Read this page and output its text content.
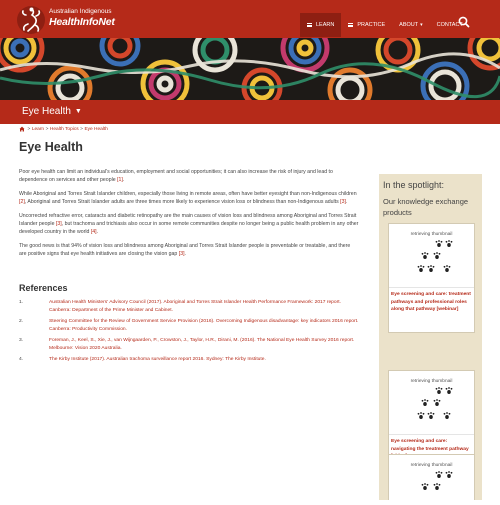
Australian Indigenous
HealthInfoNet	LEARN	PRACTICE	ABOUT ▾	CONTACT
Eye Health ▼
> Learn > Health Topics > Eye Health
Eye Health

Poor eye health can limit an individual's education, employment and social opportunities; it can also increase the risk of injury and lead to dependence on services and other people [1].

While Aboriginal and Torres Strait Islander children, especially those living in remote areas, often have better eyesight than non-Indigenous children [2], Aboriginal and Torres Strait Islander adults are three times more likely to experience vision loss or blindness than non-Indigenous adults [3].

Uncorrected refractive error, cataracts and diabetic retinopathy are the main causes of vision loss and blindness among Aboriginal and Torres Strait Islander people [3], but trachoma and trichiasis also occur in some remote communities despite no longer being a public health problem in any other developed country in the world [4].

The good news is that 94% of vision loss and blindness among Aboriginal and Torres Strait Islander people is preventable or treatable, and there are positive signs that eye health initiatives are closing the vision gap [3].

References
1.	Australian Health Ministers' Advisory Council (2017). Aboriginal and Torres Strait Islander Health Performance Framework: 2017 report. Canberra: Department of the Prime Minister and Cabinet.
2.	Steering Committee for the Review of Government Service Provision (2016). Overcoming Indigenous disadvantage: key indicators 2016 report. Canberra: Productivity Commission.
3.	Foreman, J., Keel, S., Xie, J., van Wijngaarden, P., Crowston, J., Taylor, H.R., Dirani, M. (2016). The National Eye Health Survey 2016 report. Melbourne: Vision 2020 Australia.
4.	The Kirby Institute (2017). Australian trachoma surveillance report 2016. Sydney: The Kirby Institute.
In the spotlight:
Our knowledge exchange products
retrieving thumbnail
Eye screening and care: treatment pathways and professional roles along that pathway [webinar]
retrieving thumbnail
Eye screening and care: navigating the treatment pathway
retrieving thumbnail
